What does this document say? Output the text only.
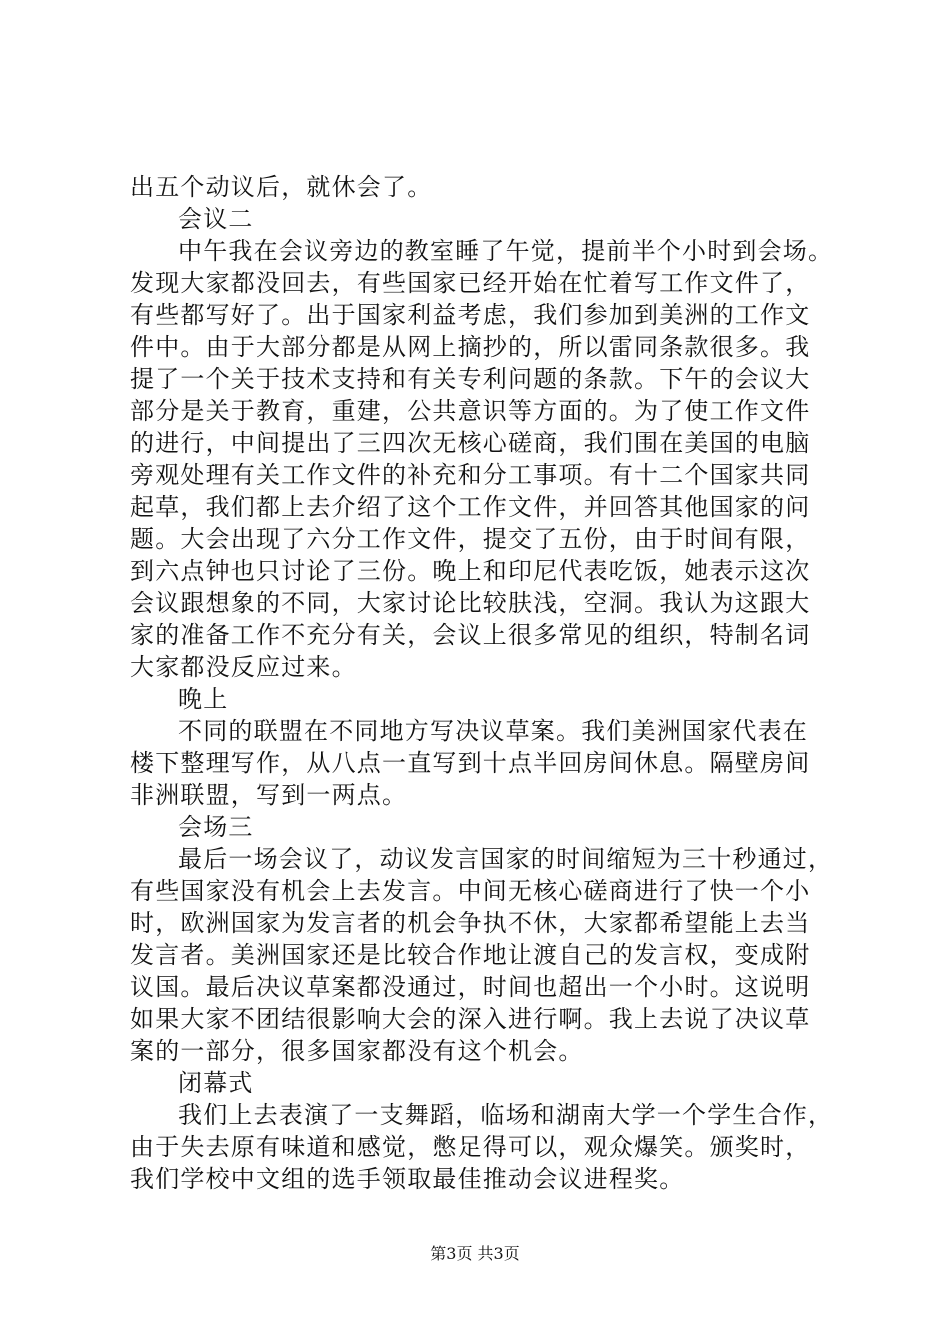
出五个动议后，就休会了。
会议二
中午我在会议旁边的教室睡了午觉，提前半个小时到会场。
发现大家都没回去，有些国家已经开始在忙着写工作文件了，
有些都写好了。出于国家利益考虑，我们参加到美洲的工作文
件中。由于大部分都是从网上摘抄的，所以雷同条款很多。我
提了一个关于技术支持和有关专利问题的条款。下午的会议大
部分是关于教育，重建，公共意识等方面的。为了使工作文件
的进行，中间提出了三四次无核心磋商，我们围在美国的电脑
旁观处理有关工作文件的补充和分工事项。有十二个国家共同
起草，我们都上去介绍了这个工作文件，并回答其他国家的问
题。大会出现了六分工作文件，提交了五份，由于时间有限，
到六点钟也只讨论了三份。晚上和印尼代表吃饭，她表示这次
会议跟想象的不同，大家讨论比较肤浅，空洞。我认为这跟大
家的准备工作不充分有关，会议上很多常见的组织，特制名词
大家都没反应过来。
晚上
不同的联盟在不同地方写决议草案。我们美洲国家代表在
楼下整理写作，从八点一直写到十点半回房间休息。隔壁房间
非洲联盟，写到一两点。
会场三
最后一场会议了，动议发言国家的时间缩短为三十秒通过，
有些国家没有机会上去发言。中间无核心磋商进行了快一个小
时，欧洲国家为发言者的机会争执不休，大家都希望能上去当
发言者。美洲国家还是比较合作地让渡自己的发言权，变成附
议国。最后决议草案都没通过，时间也超出一个小时。这说明
如果大家不团结很影响大会的深入进行啊。我上去说了决议草
案的一部分，很多国家都没有这个机会。
闭幕式
我们上去表演了一支舞蹈，临场和湖南大学一个学生合作，
由于失去原有味道和感觉，憋足得可以，观众爆笑。颁奖时，
我们学校中文组的选手领取最佳推动会议进程奖。
第3页 共3页
